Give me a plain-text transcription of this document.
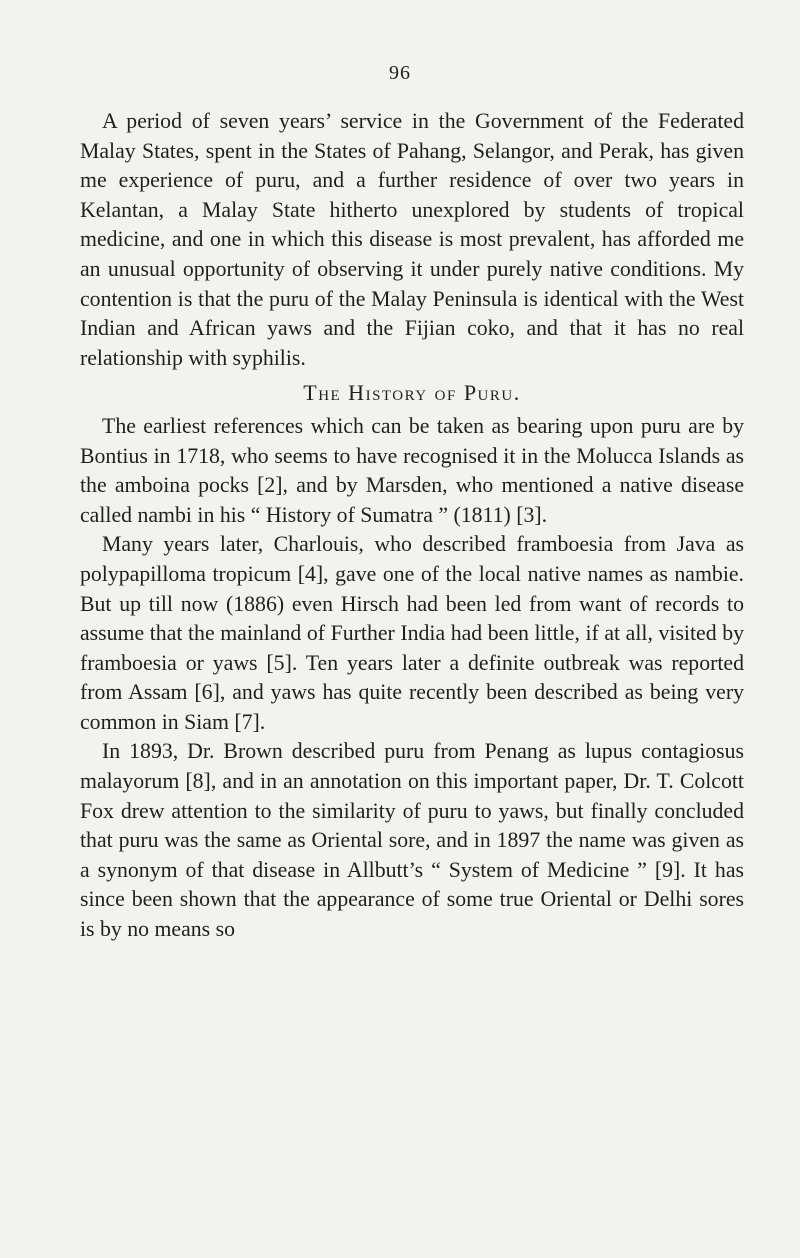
96

A period of seven years’ service in the Government of the Federated Malay States, spent in the States of Pahang, Selangor, and Perak, has given me experience of puru, and a further residence of over two years in Kelantan, a Malay State hitherto unexplored by students of tropical medicine, and one in which this disease is most prevalent, has afforded me an unusual opportunity of observing it under purely native conditions. My contention is that the puru of the Malay Peninsula is identical with the West Indian and African yaws and the Fijian coko, and that it has no real relationship with syphilis.

The History of Puru.

The earliest references which can be taken as bearing upon puru are by Bontius in 1718, who seems to have recognised it in the Molucca Islands as the amboina pocks [2], and by Marsden, who mentioned a native disease called nambi in his “ History of Sumatra ” (1811) [3].

Many years later, Charlouis, who described framboesia from Java as polypapilloma tropicum [4], gave one of the local native names as nambie. But up till now (1886) even Hirsch had been led from want of records to assume that the mainland of Further India had been little, if at all, visited by framboesia or yaws [5]. Ten years later a definite outbreak was reported from Assam [6], and yaws has quite recently been described as being very common in Siam [7].

In 1893, Dr. Brown described puru from Penang as lupus contagiosus malayorum [8], and in an annotation on this important paper, Dr. T. Colcott Fox drew attention to the similarity of puru to yaws, but finally concluded that puru was the same as Oriental sore, and in 1897 the name was given as a synonym of that disease in Allbutt’s “ System of Medicine ” [9]. It has since been shown that the appearance of some true Oriental or Delhi sores is by no means so
